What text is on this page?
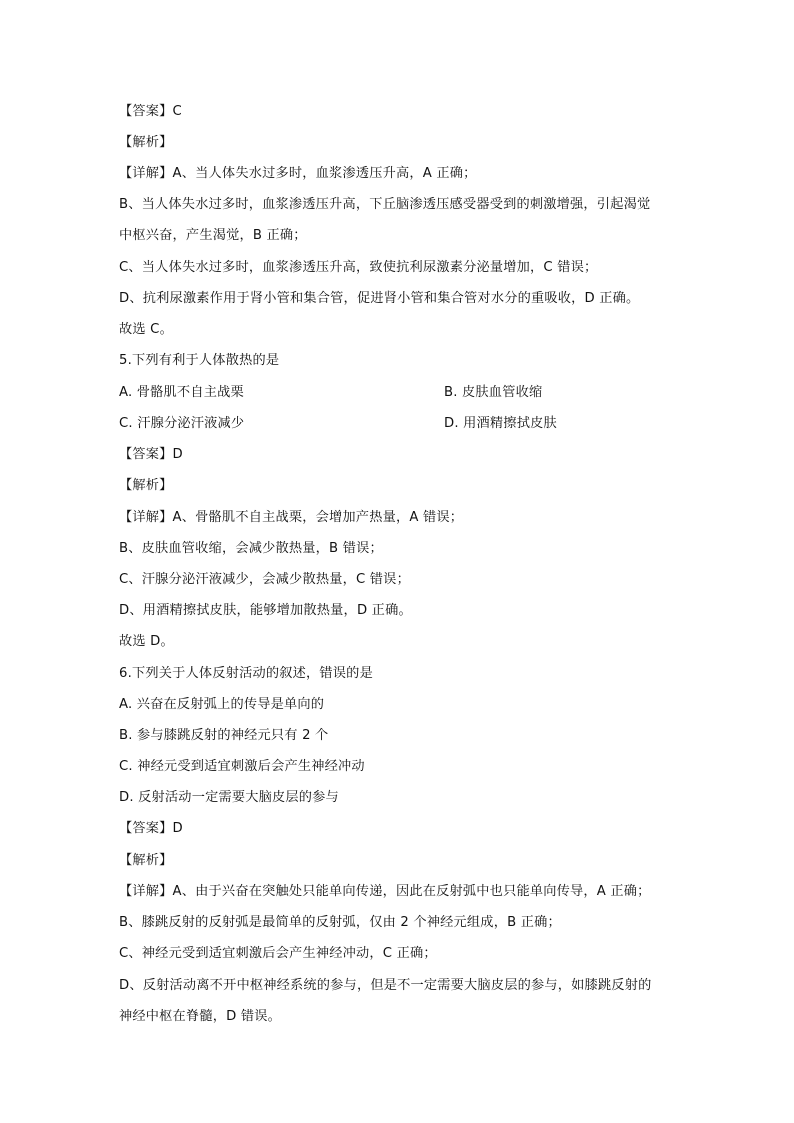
【答案】C
【解析】
【详解】A、当人体失水过多时，血浆渗透压升高，A 正确；
B、当人体失水过多时，血浆渗透压升高，下丘脑渗透压感受器受到的刺激增强，引起渴觉
中枢兴奋，产生渴觉，B 正确；
C、当人体失水过多时，血浆渗透压升高，致使抗利尿激素分泌量增加，C 错误；
D、抗利尿激素作用于肾小管和集合管，促进肾小管和集合管对水分的重吸收，D 正确。
故选 C。
5.下列有利于人体散热的是
A. 骨骼肌不自主战栗	B. 皮肤血管收缩
C. 汗腺分泌汗液减少	D. 用酒精擦拭皮肤
【答案】D
【解析】
【详解】A、骨骼肌不自主战栗，会增加产热量，A 错误；
B、皮肤血管收缩，会减少散热量，B 错误；
C、汗腺分泌汗液减少，会减少散热量，C 错误；
D、用酒精擦拭皮肤，能够增加散热量，D 正确。
故选 D。
6.下列关于人体反射活动的叙述，错误的是
A. 兴奋在反射弧上的传导是单向的
B. 参与膝跳反射的神经元只有 2 个
C. 神经元受到适宜刺激后会产生神经冲动
D. 反射活动一定需要大脑皮层的参与
【答案】D
【解析】
【详解】A、由于兴奋在突触处只能单向传递，因此在反射弧中也只能单向传导，A 正确；
B、膝跳反射的反射弧是最简单的反射弧，仅由 2 个神经元组成，B 正确；
C、神经元受到适宜刺激后会产生神经冲动，C 正确；
D、反射活动离不开中枢神经系统的参与，但是不一定需要大脑皮层的参与，如膝跳反射的
神经中枢在脊髓，D 错误。
